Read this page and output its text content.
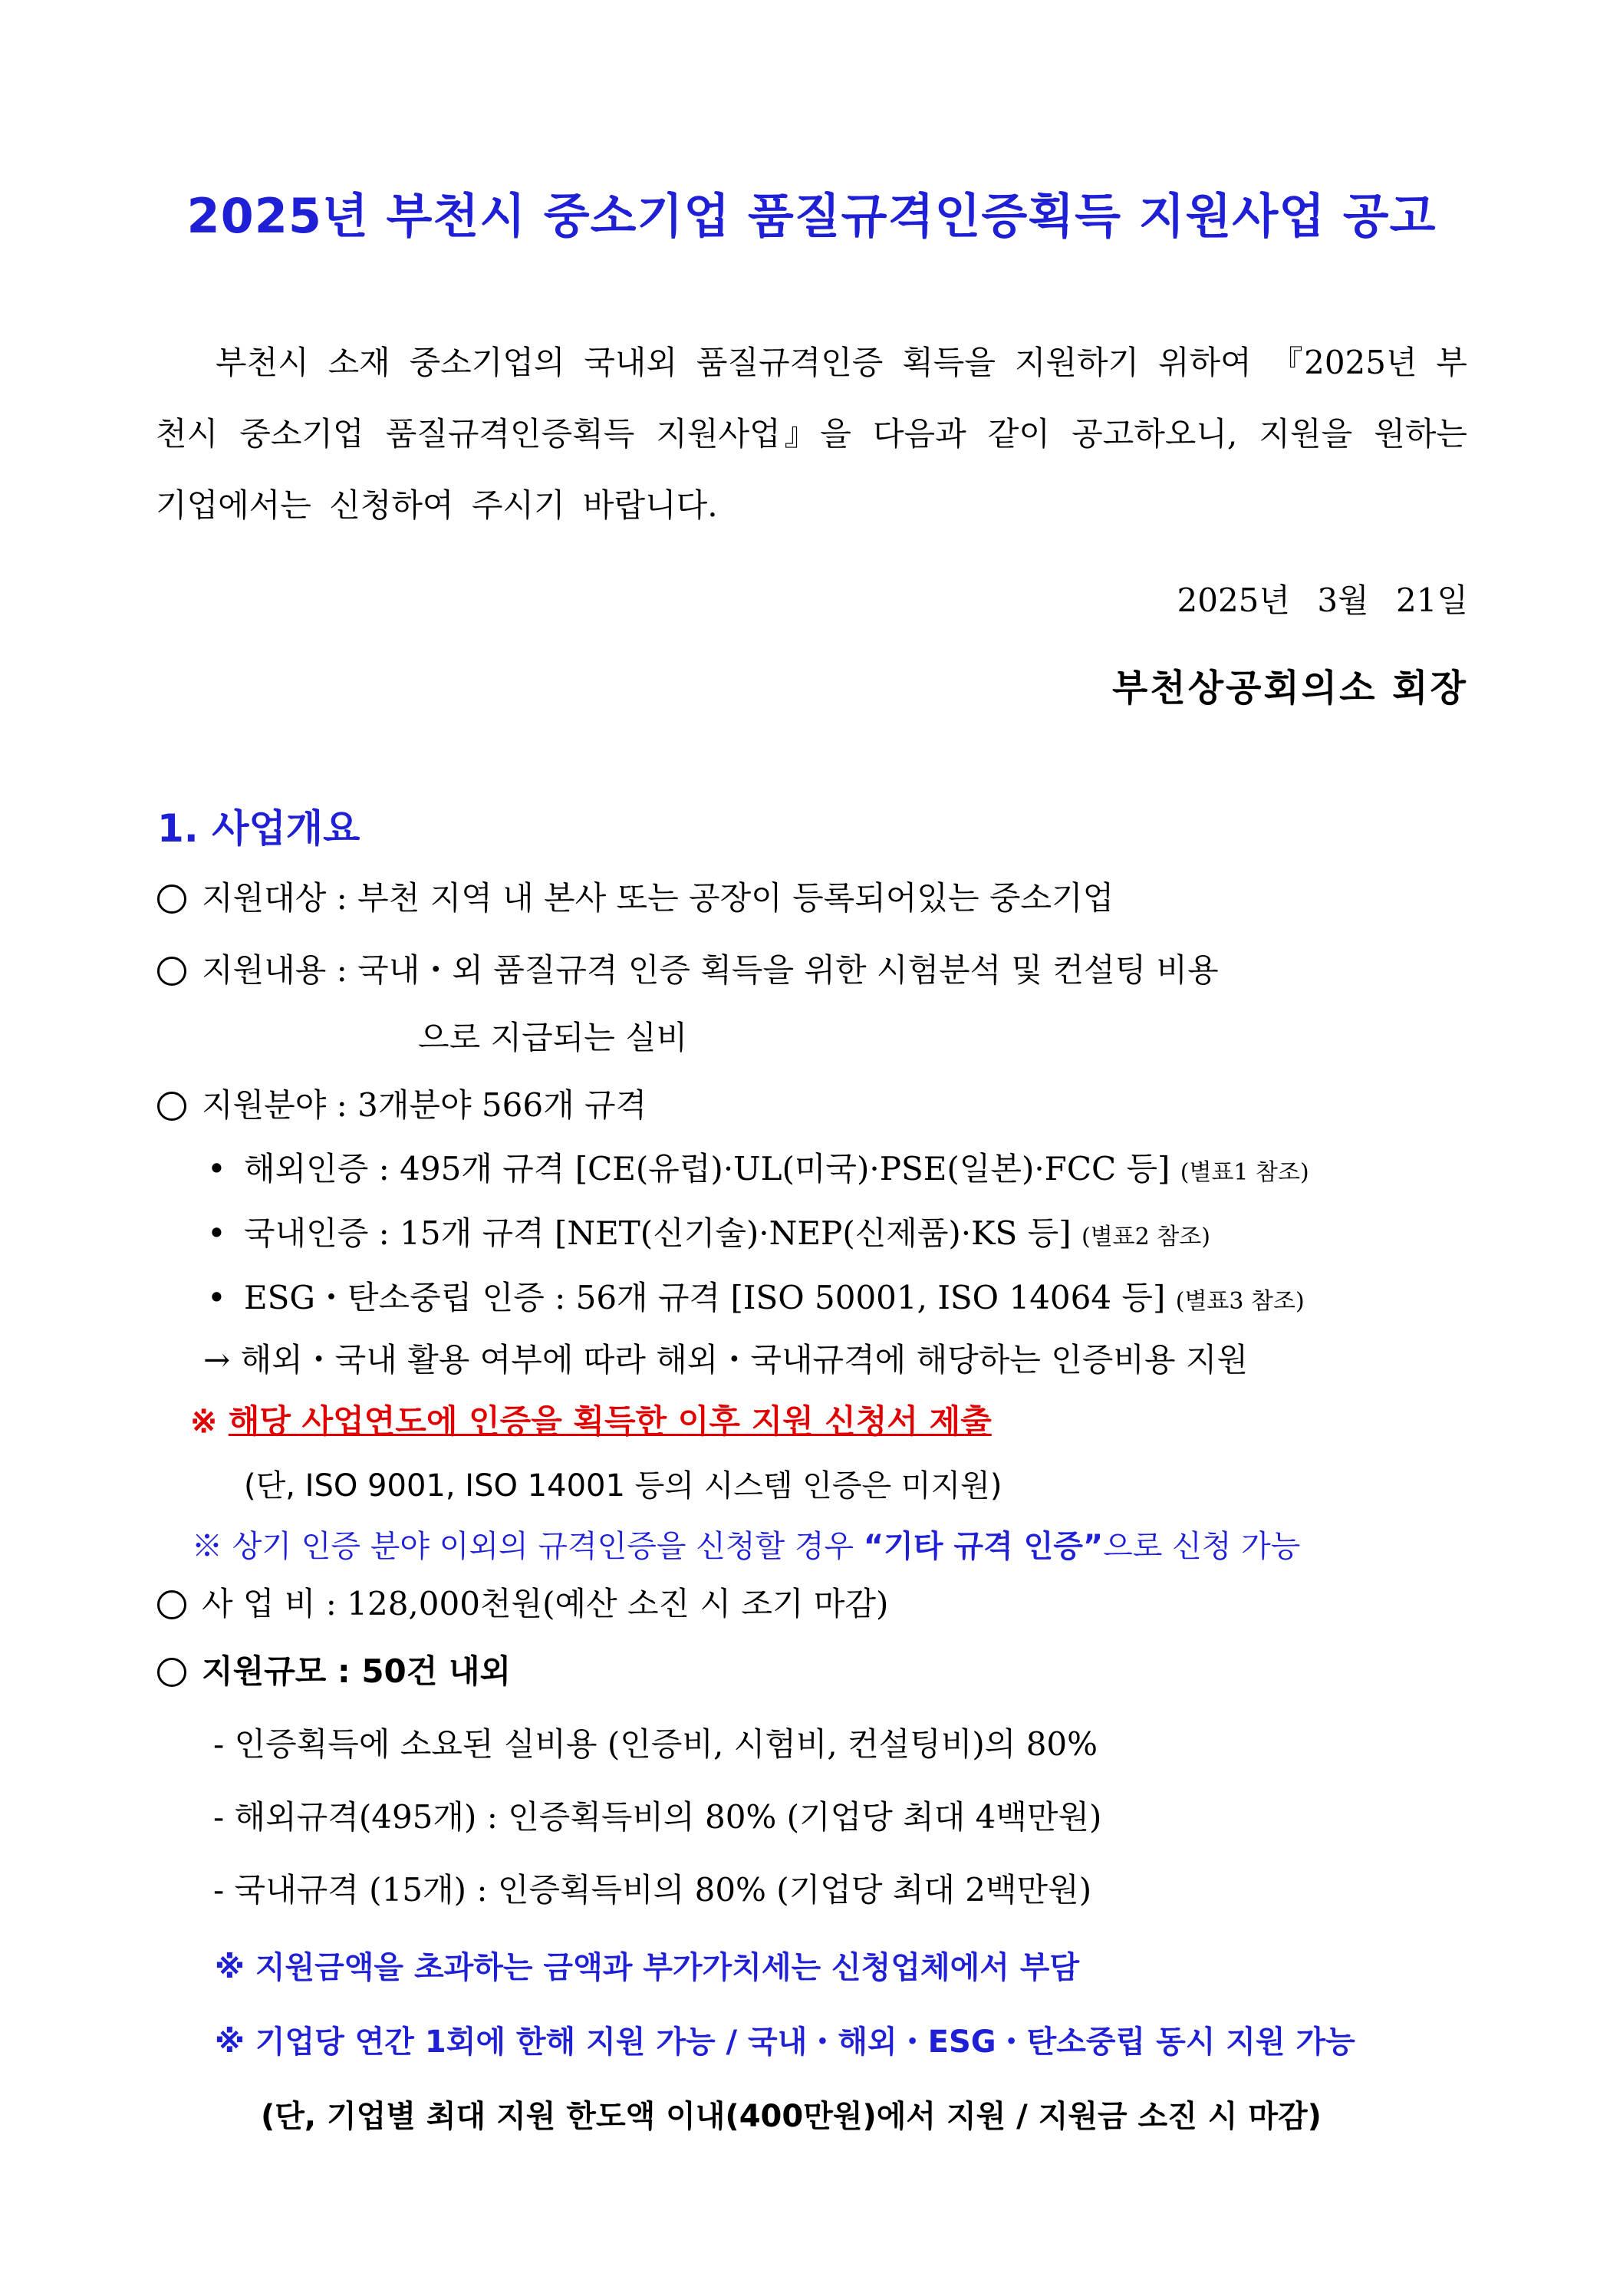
2025년 부천시 중소기업 품질규격인증획득 지원사업 공고

부천시 소재 중소기업의 국내외 품질규격인증 획득을 지원하기 위하여 『2025년 부천시 중소기업 품질규격인증획득 지원사업』을 다음과 같이 공고하오니, 지원을 원하는 기업에서는 신청하여 주시기 바랍니다.

2025년 3월 21일
부천상공회의소 회장
1. 사업개요
지원대상 : 부천 지역 내 본사 또는 공장이 등록되어있는 중소기업
지원내용 : 국내・외 품질규격 인증 획득을 위한 시험분석 및 컨설팅 비용
으로 지급되는 실비
지원분야 : 3개분야 566개 규격
• 해외인증 : 495개 규격 [CE(유럽)·UL(미국)·PSE(일본)·FCC 등] (별표1 참조)
• 국내인증 : 15개 규격 [NET(신기술)·NEP(신제품)·KS 등] (별표2 참조)
• ESG・탄소중립 인증 : 56개 규격 [ISO 50001, ISO 14064 등] (별표3 참조)
→ 해외・국내 활용 여부에 따라 해외・국내규격에 해당하는 인증비용 지원
※ 해당 사업연도에 인증을 획득한 이후 지원 신청서 제출
(단, ISO 9001, ISO 14001 등의 시스템 인증은 미지원)
※ 상기 인증 분야 이외의 규격인증을 신청할 경우 “기타 규격 인증”으로 신청 가능
사 업 비 : 128,000천원(예산 소진 시 조기 마감)
지원규모 : 50건 내외
- 인증획득에 소요된 실비용 (인증비, 시험비, 컨설팅비)의 80%
- 해외규격(495개) : 인증획득비의 80% (기업당 최대 4백만원)
- 국내규격 (15개) : 인증획득비의 80% (기업당 최대 2백만원)
※ 지원금액을 초과하는 금액과 부가가치세는 신청업체에서 부담
※ 기업당 연간 1회에 한해 지원 가능 / 국내・해외・ESG・탄소중립 동시 지원 가능
(단, 기업별 최대 지원 한도액 이내(400만원)에서 지원 / 지원금 소진 시 마감)
